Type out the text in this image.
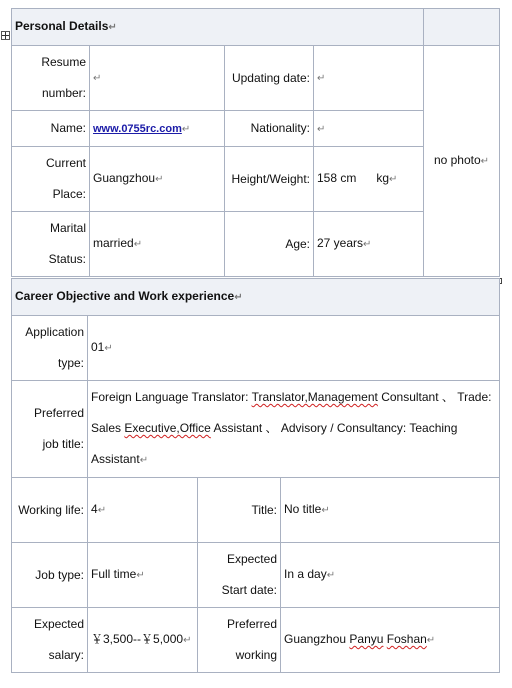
Personal Details↵				
Resume number:	↵	Updating date:	↵	no photo↵
Name:	www.0755rc.com↵	Nationality:	↵	
Current Place:	Guangzhou↵	Height/Weight:	158 cm      kg↵	
Marital Status:	married↵	Age:	27 years↵	
Career Objective and Work experience↵			
Application type:	01↵		
Preferred job title:	Foreign Language Translator: Translator,Management Consultant 、 Trade: Sales Executive,Office Assistant 、 Advisory / Consultancy: Teaching Assistant↵		
Working life:	4↵	Title:	No title↵
Job type:	Full time↵	Expected Start date:	In a day↵
Expected salary:	￥3,500--￥5,000↵	Preferred working	Guangzhou Panyu Foshan↵
